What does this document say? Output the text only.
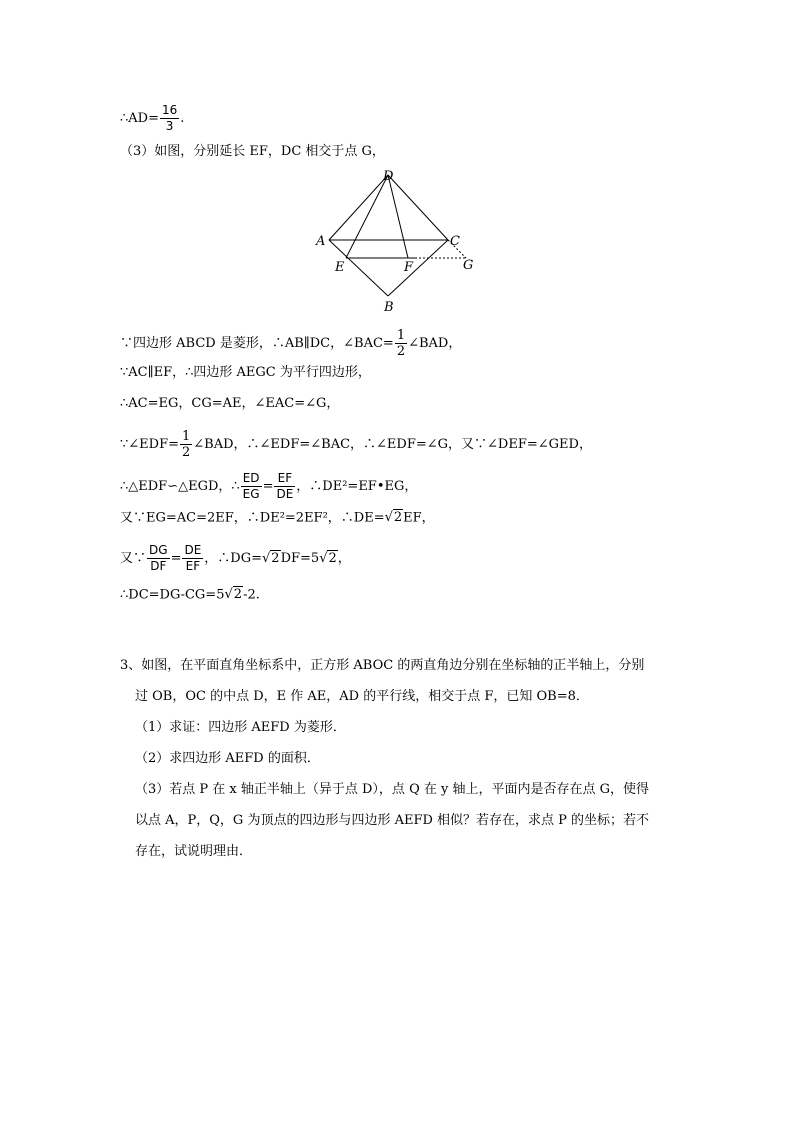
∴AD= $\frac{16}{3}$ .
（3）如图，分别延长 EF，DC 相交于点 G，
D
A	C
E	F	G
B
∵四边形 ABCD 是菱形，∴AB∥DC，∠BAC= $\frac{1}{2}$ ∠BAD，
∵AC∥EF，∴四边形 AEGC 为平行四边形，
∴AC=EG，CG=AE，∠EAC=∠G，
∵∠EDF= $\frac{1}{2}$ ∠BAD，∴∠EDF=∠BAC，∴∠EDF=∠G，又∵∠DEF=∠GED，
∴△EDF∽△EGD，∴ $\frac{ED}{EG} = \frac{EF}{DE}$ ，∴DE²=EF•EG，
又∵EG=AC=2EF，∴DE²=2EF²，∴DE=√2EF，
又∵ $\frac{DG}{DF} = \frac{DE}{EF}$ ，∴DG=√2DF=5√2，
∴DC=DG-CG=5√2-2.
3、如图，在平面直角坐标系中，正方形 ABOC 的两直角边分别在坐标轴的正半轴上，分别
过 OB，OC 的中点 D，E 作 AE，AD 的平行线，相交于点 F，已知 OB=8．
（1）求证：四边形 AEFD 为菱形．
（2）求四边形 AEFD 的面积．
（3）若点 P 在 x 轴正半轴上（异于点 D），点 Q 在 y 轴上，平面内是否存在点 G，使得
以点 A，P，Q，G 为顶点的四边形与四边形 AEFD 相似？若存在，求点 P 的坐标；若不
存在，试说明理由．
